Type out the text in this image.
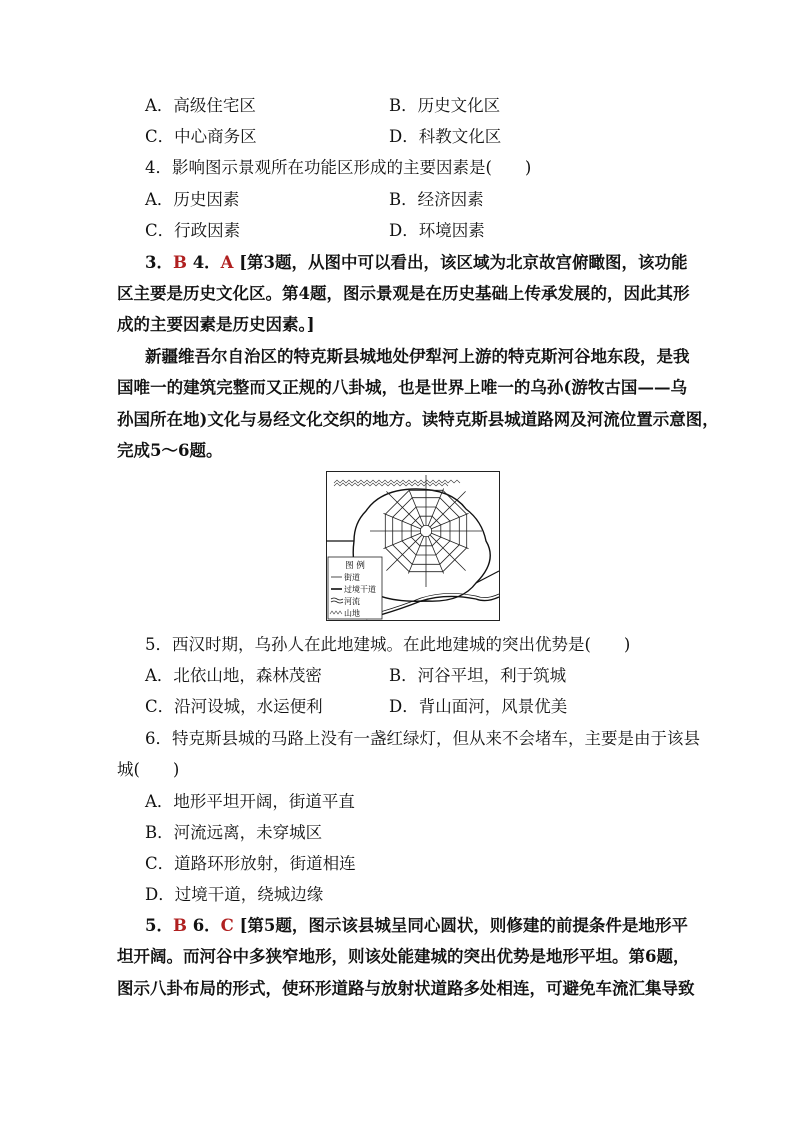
A．高级住宅区	B．历史文化区
C．中心商务区	D．科教文化区
4．影响图示景观所在功能区形成的主要因素是(　　)
A．历史因素	B．经济因素
C．行政因素	D．环境因素
3．B 4．A [第3题，从图中可以看出，该区域为北京故宫俯瞰图，该功能
区主要是历史文化区。第4题，图示景观是在历史基础上传承发展的，因此其形
成的主要因素是历史因素。]
新疆维吾尔自治区的特克斯县城地处伊犁河上游的特克斯河谷地东段，是我
国唯一的建筑完整而又正规的八卦城，也是世界上唯一的乌孙(游牧古国——乌
孙国所在地)文化与易经文化交织的地方。读特克斯县城道路网及河流位置示意图，
完成5～6题。
图 例
街道
过境干道
河流
山地
5．西汉时期，乌孙人在此地建城。在此地建城的突出优势是(　　)
A．北依山地，森林茂密	B．河谷平坦，利于筑城
C．沿河设城，水运便利	D．背山面河，风景优美
6．特克斯县城的马路上没有一盏红绿灯，但从来不会堵车，主要是由于该县
城(　　)
A．地形平坦开阔，街道平直
B．河流远离，未穿城区
C．道路环形放射，街道相连
D．过境干道，绕城边缘
5．B 6．C [第5题，图示该县城呈同心圆状，则修建的前提条件是地形平
坦开阔。而河谷中多狭窄地形，则该处能建城的突出优势是地形平坦。第6题，
图示八卦布局的形式，使环形道路与放射状道路多处相连，可避免车流汇集导致
